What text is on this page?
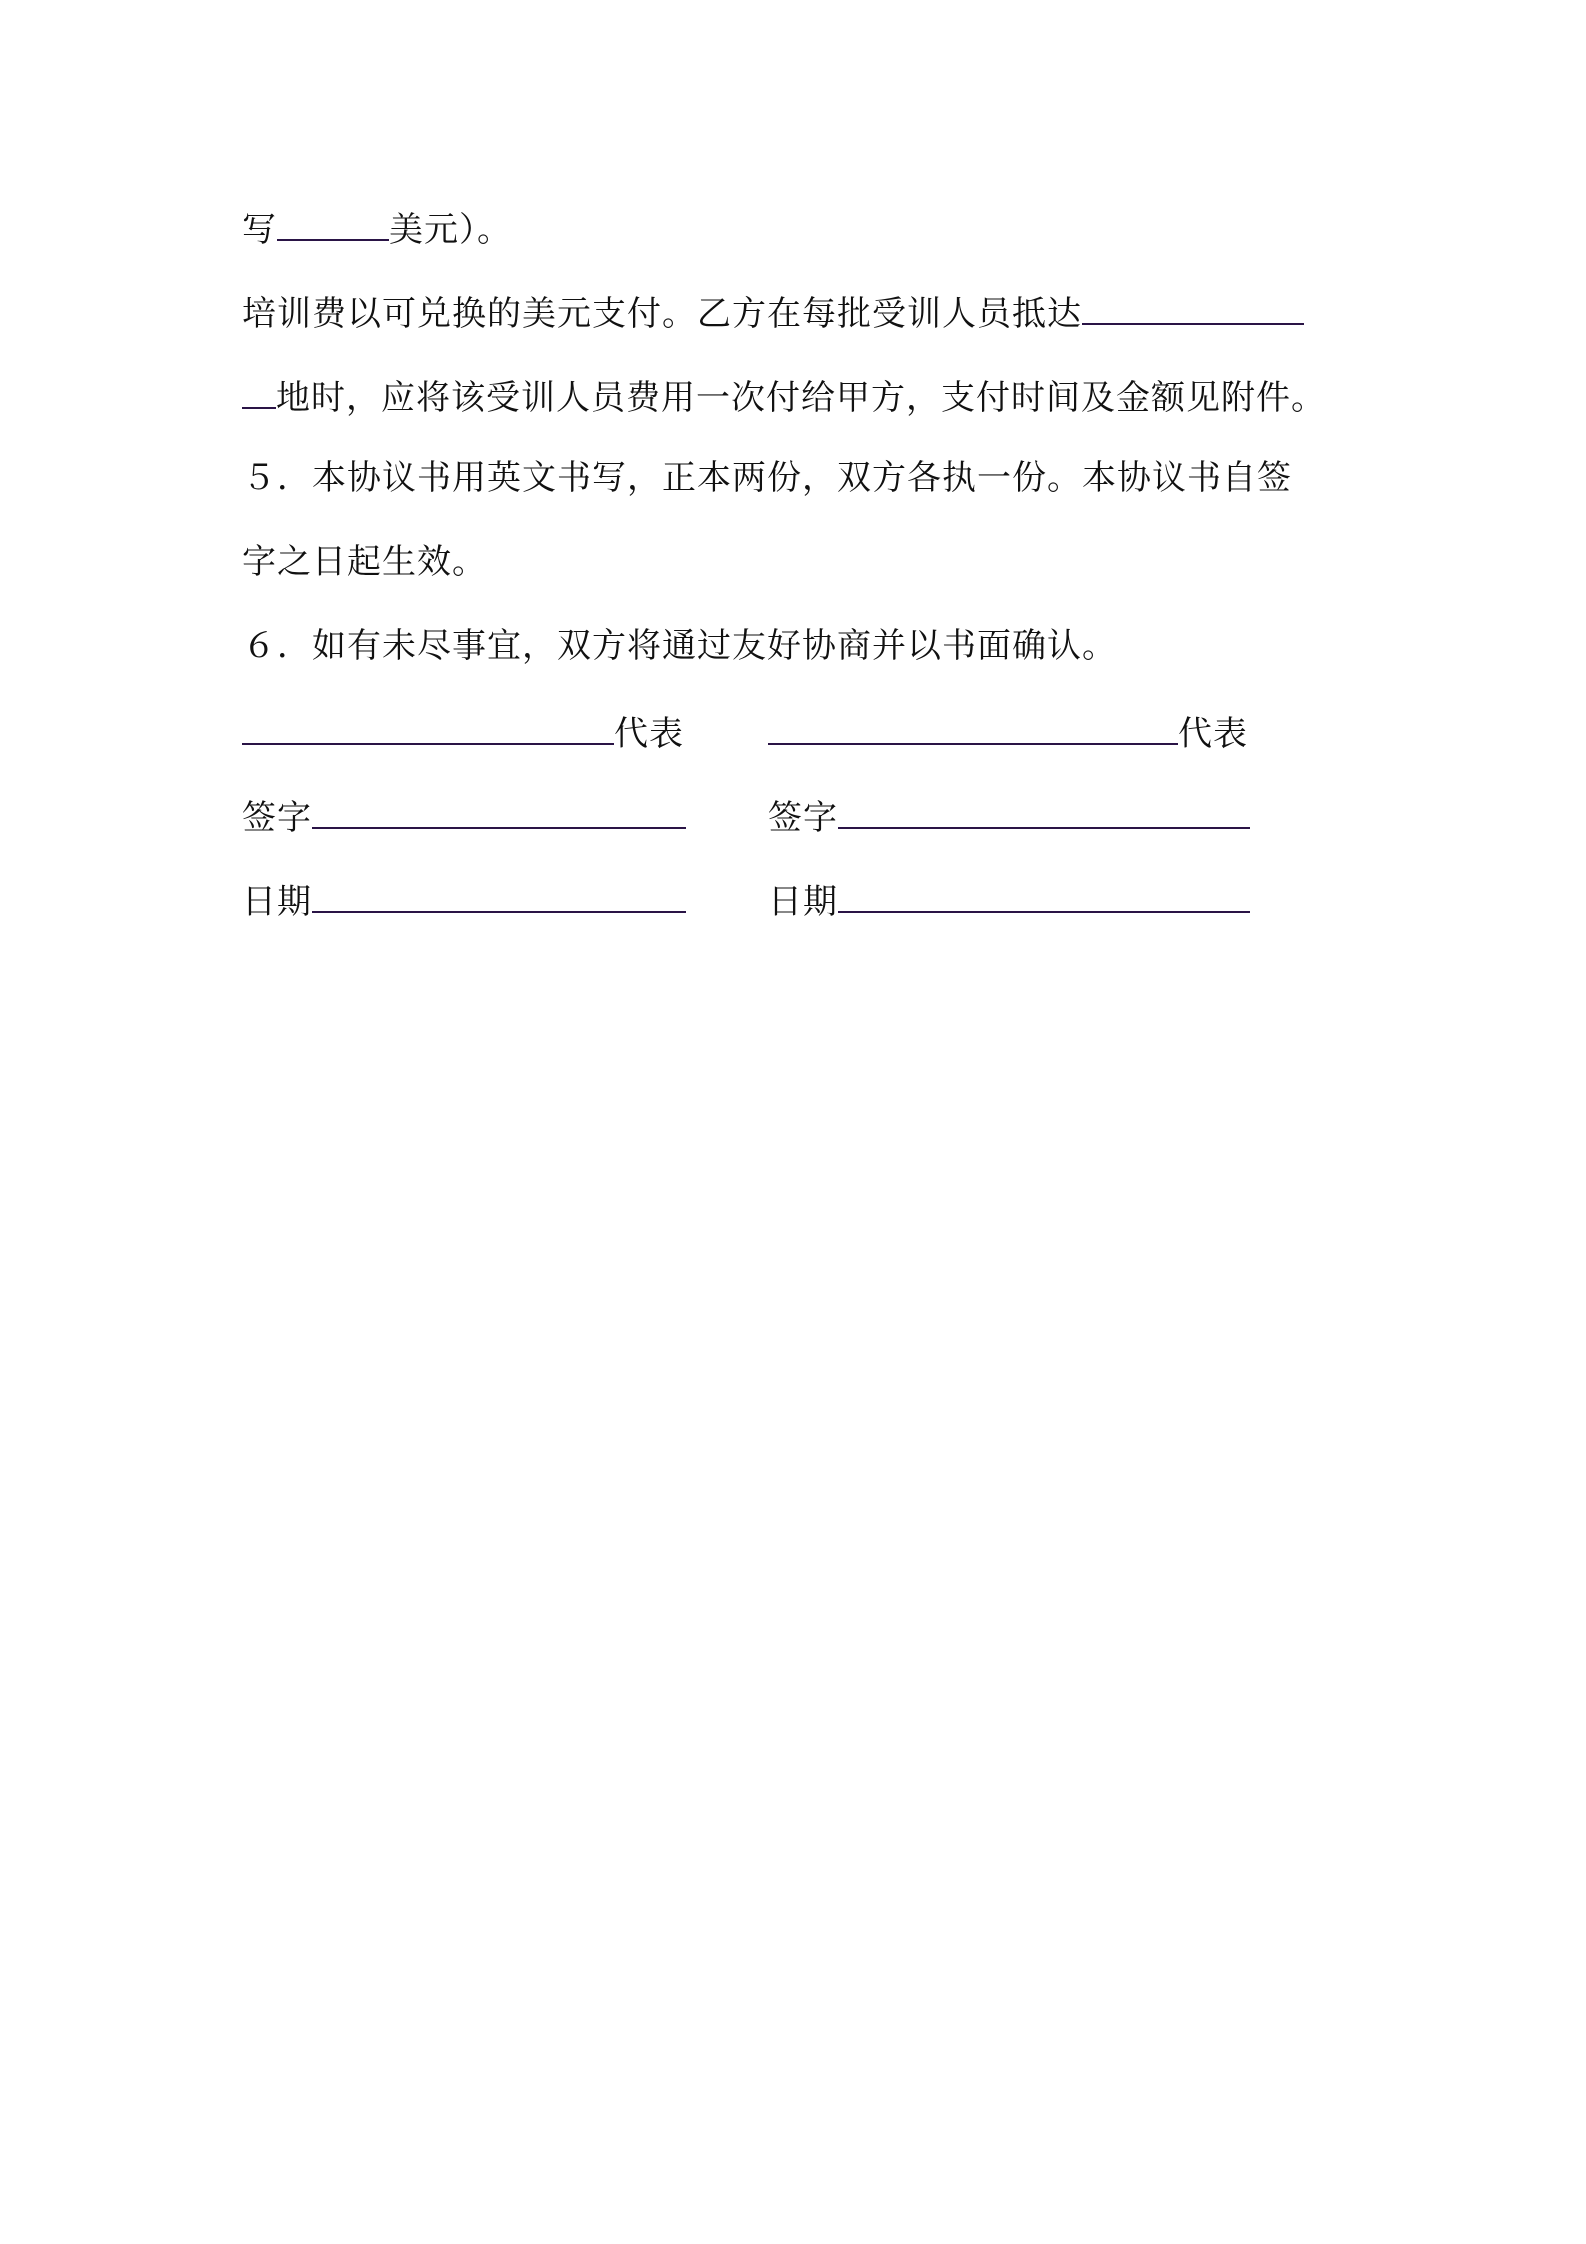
写	美元）。
培训费以可兑换的美元支付。乙方在每批受训人员抵达
地时，应将该受训人员费用一次付给甲方，支付时间及金额见附件。
５．本协议书用英文书写，正本两份，双方各执一份。本协议书自签
字之日起生效。
６．如有未尽事宜，双方将通过友好协商并以书面确认。
代表
签字
日期
代表
签字
日期
